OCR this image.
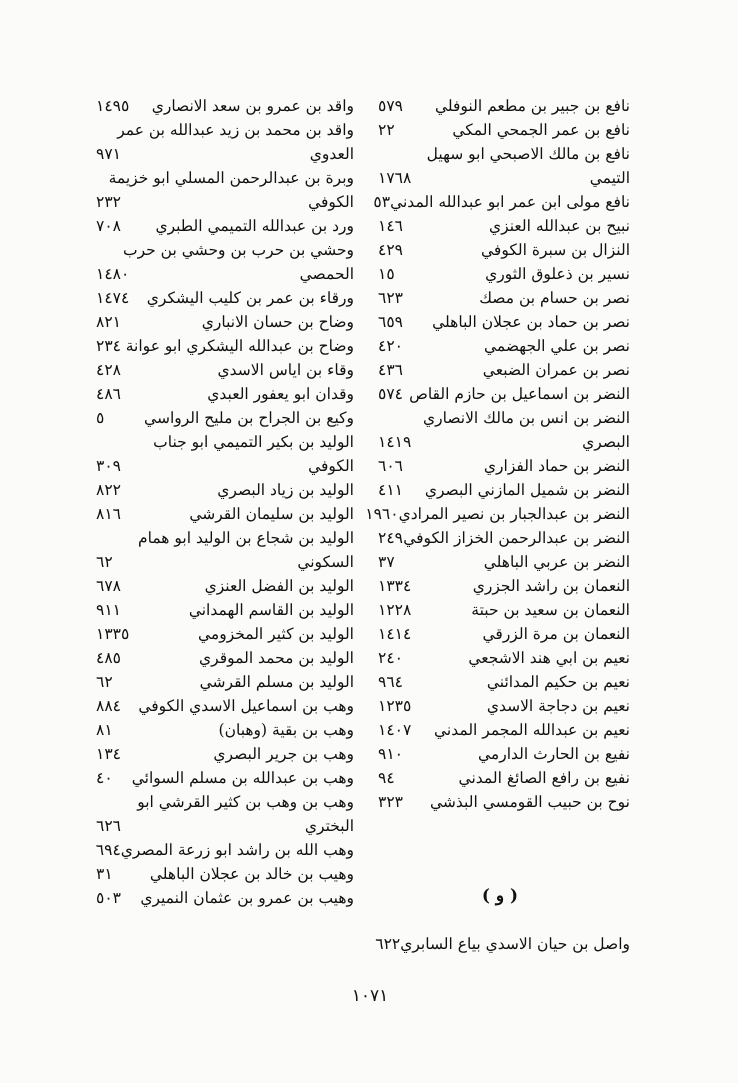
نافع بن جبير بن مطعم النوفلي
٥٧٩
نافع بن عمر الجمحي المكي
٢٢
نافع بن مالك الاصبحي ابو سهيل
التيمي
١٧٦٨
نافع مولى ابن عمر ابو عبدالله المدني
٥٣
نبيح بن عبدالله العنزي
١٤٦
النزال بن سبرة الكوفي
٤٢٩
نسير بن ذعلوق الثوري
١٥
نصر بن حسام بن مصك
٦٢٣
نصر بن حماد بن عجلان الباهلي
٦٥٩
نصر بن علي الجهضمي
٤٢٠
نصر بن عمران الضبعي
٤٣٦
النضر بن اسماعيل بن حازم القاص
٥٧٤
النضر بن انس بن مالك الانصاري
البصري
١٤١٩
النضر بن حماد الفزاري
٦٠٦
النضر بن شميل المازني البصري
٤١١
النضر بن عبدالجبار بن نصير المرادي
١٩٦٠
النضر بن عبدالرحمن الخزاز الكوفي
٢٤٩
النضر بن عربي الباهلي
٣٧
النعمان بن راشد الجزري
١٣٣٤
النعمان بن سعيد بن حبتة
١٢٢٨
النعمان بن مرة الزرقي
١٤١٤
نعيم بن ابي هند الاشجعي
٢٤٠
نعيم بن حكيم المدائني
٩٦٤
نعيم بن دجاجة الاسدي
١٢٣٥
نعيم بن عبدالله المجمر المدني
١٤٠٧
نفيع بن الحارث الدارمي
٩١٠
نفيع بن رافع الصائغ المدني
٩٤
نوح بن حبيب القومسي البذشي
٣٢٣
واقد بن عمرو بن سعد الانصاري
١٤٩٥
واقد بن محمد بن زيد عبدالله بن عمر
العدوي
٩٧١
وبرة بن عبدالرحمن المسلي ابو خزيمة
الكوفي
٢٣٢
ورد بن عبدالله التميمي الطبري
٧٠٨
وحشي بن حرب بن وحشي بن حرب
الحمصي
١٤٨٠
ورقاء بن عمر بن كليب اليشكري
١٤٧٤
وضاح بن حسان الانباري
٨٢١
وضاح بن عبدالله اليشكري ابو عوانة
٢٣٤
وقاء بن اياس الاسدي
٤٢٨
وقدان ابو يعفور العبدي
٤٨٦
وكيع بن الجراح بن مليح الرواسي
٥
الوليد بن بكير التميمي ابو جناب
الكوفي
٣٠٩
الوليد بن زياد البصري
٨٢٢
الوليد بن سليمان القرشي
٨١٦
الوليد بن شجاع بن الوليد ابو همام
السكوني
٦٢
الوليد بن الفضل العنزي
٦٧٨
الوليد بن القاسم الهمداني
٩١١
الوليد بن كثير المخزومي
١٣٣٥
الوليد بن محمد الموقري
٤٨٥
الوليد بن مسلم القرشي
٦٢
وهب بن اسماعيل الاسدي الكوفي
٨٨٤
وهب بن بقية (وهبان)
٨١
وهب بن جرير البصري
١٣٤
وهب بن عبدالله بن مسلم السوائي
٤٠
وهب بن وهب بن كثير القرشي ابو
البختري
٦٢٦
وهب الله بن راشد ابو زرعة المصري
٦٩٤
وهيب بن خالد بن عجلان الباهلي
٣١
وهيب بن عمرو بن عثمان النميري
٥٠٣	( و )
واصل بن حيان الاسدي بياع السابري
٦٢٢
١٠٧١
